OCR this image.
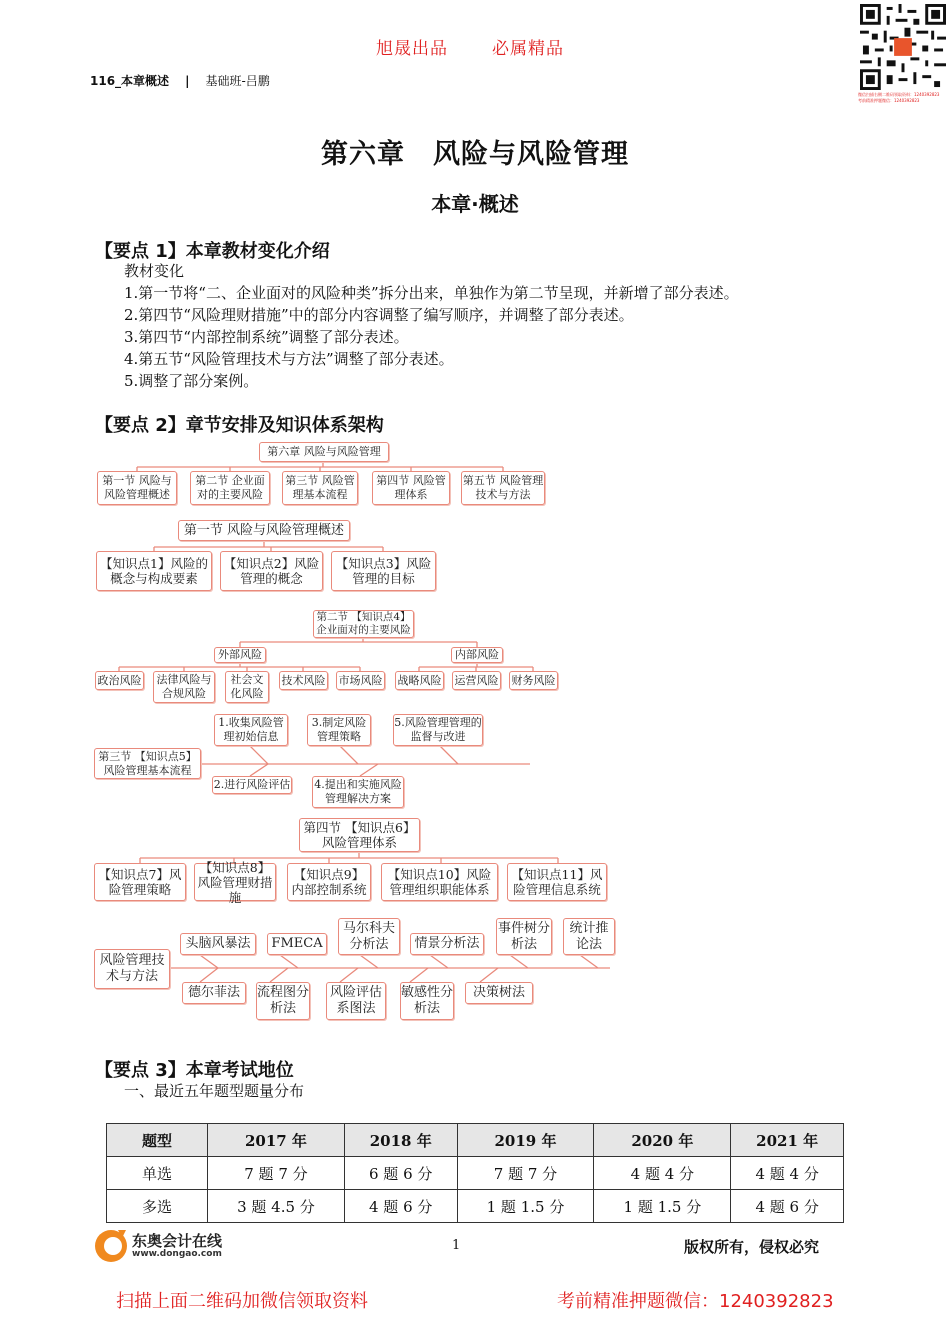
旭晟出品	必属精品
116_本章概述 | 基础班-吕鹏
微信扫描右侧二维码领取资料：1240392823
考前精准押题微信：1240392823
第六章　风险与风险管理
本章·概述
【要点 1】本章教材变化介绍
教材变化
1.第一节将“二、企业面对的风险种类”拆分出来，单独作为第二节呈现，并新增了部分表述。
2.第四节“风险理财措施”中的部分内容调整了编写顺序，并调整了部分表述。
3.第四节“内部控制系统”调整了部分表述。
4.第五节“风险管理技术与方法”调整了部分表述。
5.调整了部分案例。
【要点 2】章节安排及知识体系架构
第六章 风险与风险管理
第一节 风险与风险管理概述
第二节 企业面对的主要风险
第三节 风险管理基本流程
第四节 风险管理体系
第五节 风险管理技术与方法
第一节 风险与风险管理概述
【知识点1】风险的概念与构成要素
【知识点2】风险管理的概念
【知识点3】风险管理的目标
第二节 【知识点4】企业面对的主要风险
外部风险	内部风险
政治风险	法律风险与合规风险
社会文化风险
技术风险 市场风险 战略风险 运营风险 财务风险
第三节 【知识点5】风险管理基本流程
1.收集风险管理初始信息
3.制定风险管理策略
5.风险管理管理的监督与改进
2.进行风险评估 4.提出和实施风险管理解决方案
第四节 【知识点6】风险管理体系
【知识点7】风险管理策略
【知识点8】风险管理财措施
【知识点9】内部控制系统
【知识点10】风险管理组织职能体系
【知识点11】风险管理信息系统
风险管理技术与方法
头脑风暴法	FMECA
马尔科夫分析法	情景分析法
事件树分析法
统计推论法
德尔菲法	流程图分析法
风险评估系图法
敏感性分析法
决策树法
【要点 3】本章考试地位
一、最近五年题型题量分布
题型	2017 年	2018 年	2019 年	2020 年	2021 年
单选	7 题 7 分	6 题 6 分	7 题 7 分	4 题 4 分	4 题 4 分
多选	3 题 4.5 分	4 题 6 分	1 题 1.5 分	1 题 1.5 分	4 题 6 分
东奥会计在线
www.dongao.com
1	版权所有，侵权必究
扫描上面二维码加微信领取资料	考前精准押题微信：1240392823
